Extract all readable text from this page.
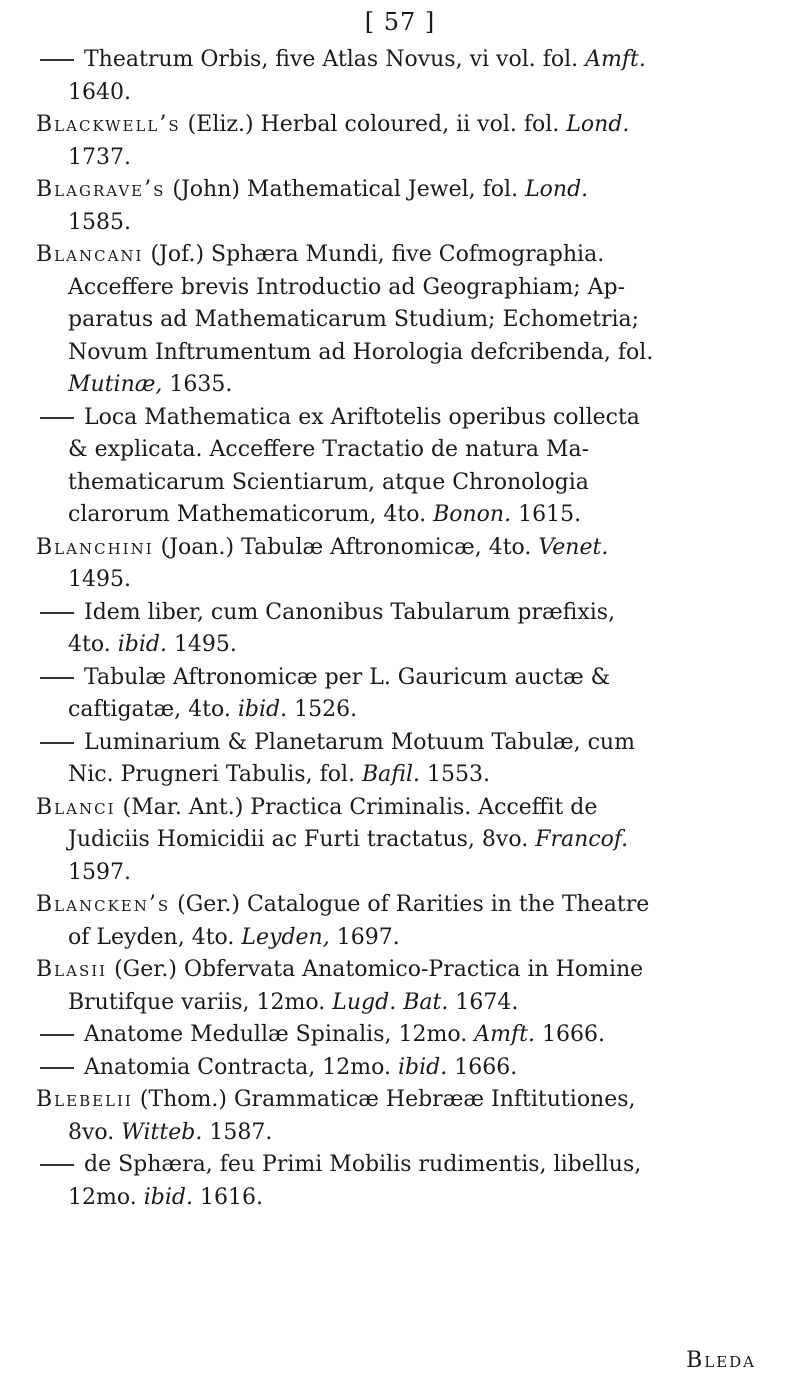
[ 57 ]
Theatrum Orbis, five Atlas Novus, vi vol. fol. Amft.
1640.
Blackwell’s (Eliz.) Herbal coloured, ii vol. fol. Lond.
1737.
Blagrave’s (John) Mathematical Jewel, fol. Lond.
1585.
Blancani (Jof.) Sphæra Mundi, five Cofmographia.
Acceffere brevis Introductio ad Geographiam; Ap-
paratus ad Mathematicarum Studium; Echometria;
Novum Inftrumentum ad Horologia defcribenda, fol.
Mutinæ, 1635.
Loca Mathematica ex Ariftotelis operibus collecta
& explicata. Acceffere Tractatio de natura Ma-
thematicarum Scientiarum, atque Chronologia
clarorum Mathematicorum, 4to. Bonon. 1615.
Blanchini (Joan.) Tabulæ Aftronomicæ, 4to. Venet.
1495.
Idem liber, cum Canonibus Tabularum præfixis,
4to. ibid. 1495.
Tabulæ Aftronomicæ per L. Gauricum auctæ &
caftigatæ, 4to. ibid. 1526.
Luminarium & Planetarum Motuum Tabulæ, cum
Nic. Prugneri Tabulis, fol. Bafil. 1553.
Blanci (Mar. Ant.) Practica Criminalis. Acceffit de
Judiciis Homicidii ac Furti tractatus, 8vo. Francof.
1597.
Blancken’s (Ger.) Catalogue of Rarities in the Theatre
of Leyden, 4to. Leyden, 1697.
Blasii (Ger.) Obfervata Anatomico-Practica in Homine
Brutifque variis, 12mo. Lugd. Bat. 1674.
Anatome Medullæ Spinalis, 12mo. Amft. 1666.
Anatomia Contracta, 12mo. ibid. 1666.
Blebelii (Thom.) Grammaticæ Hebrææ Inftitutiones,
8vo. Witteb. 1587.
de Sphæra, feu Primi Mobilis rudimentis, libellus,
12mo. ibid. 1616.
Bleda
